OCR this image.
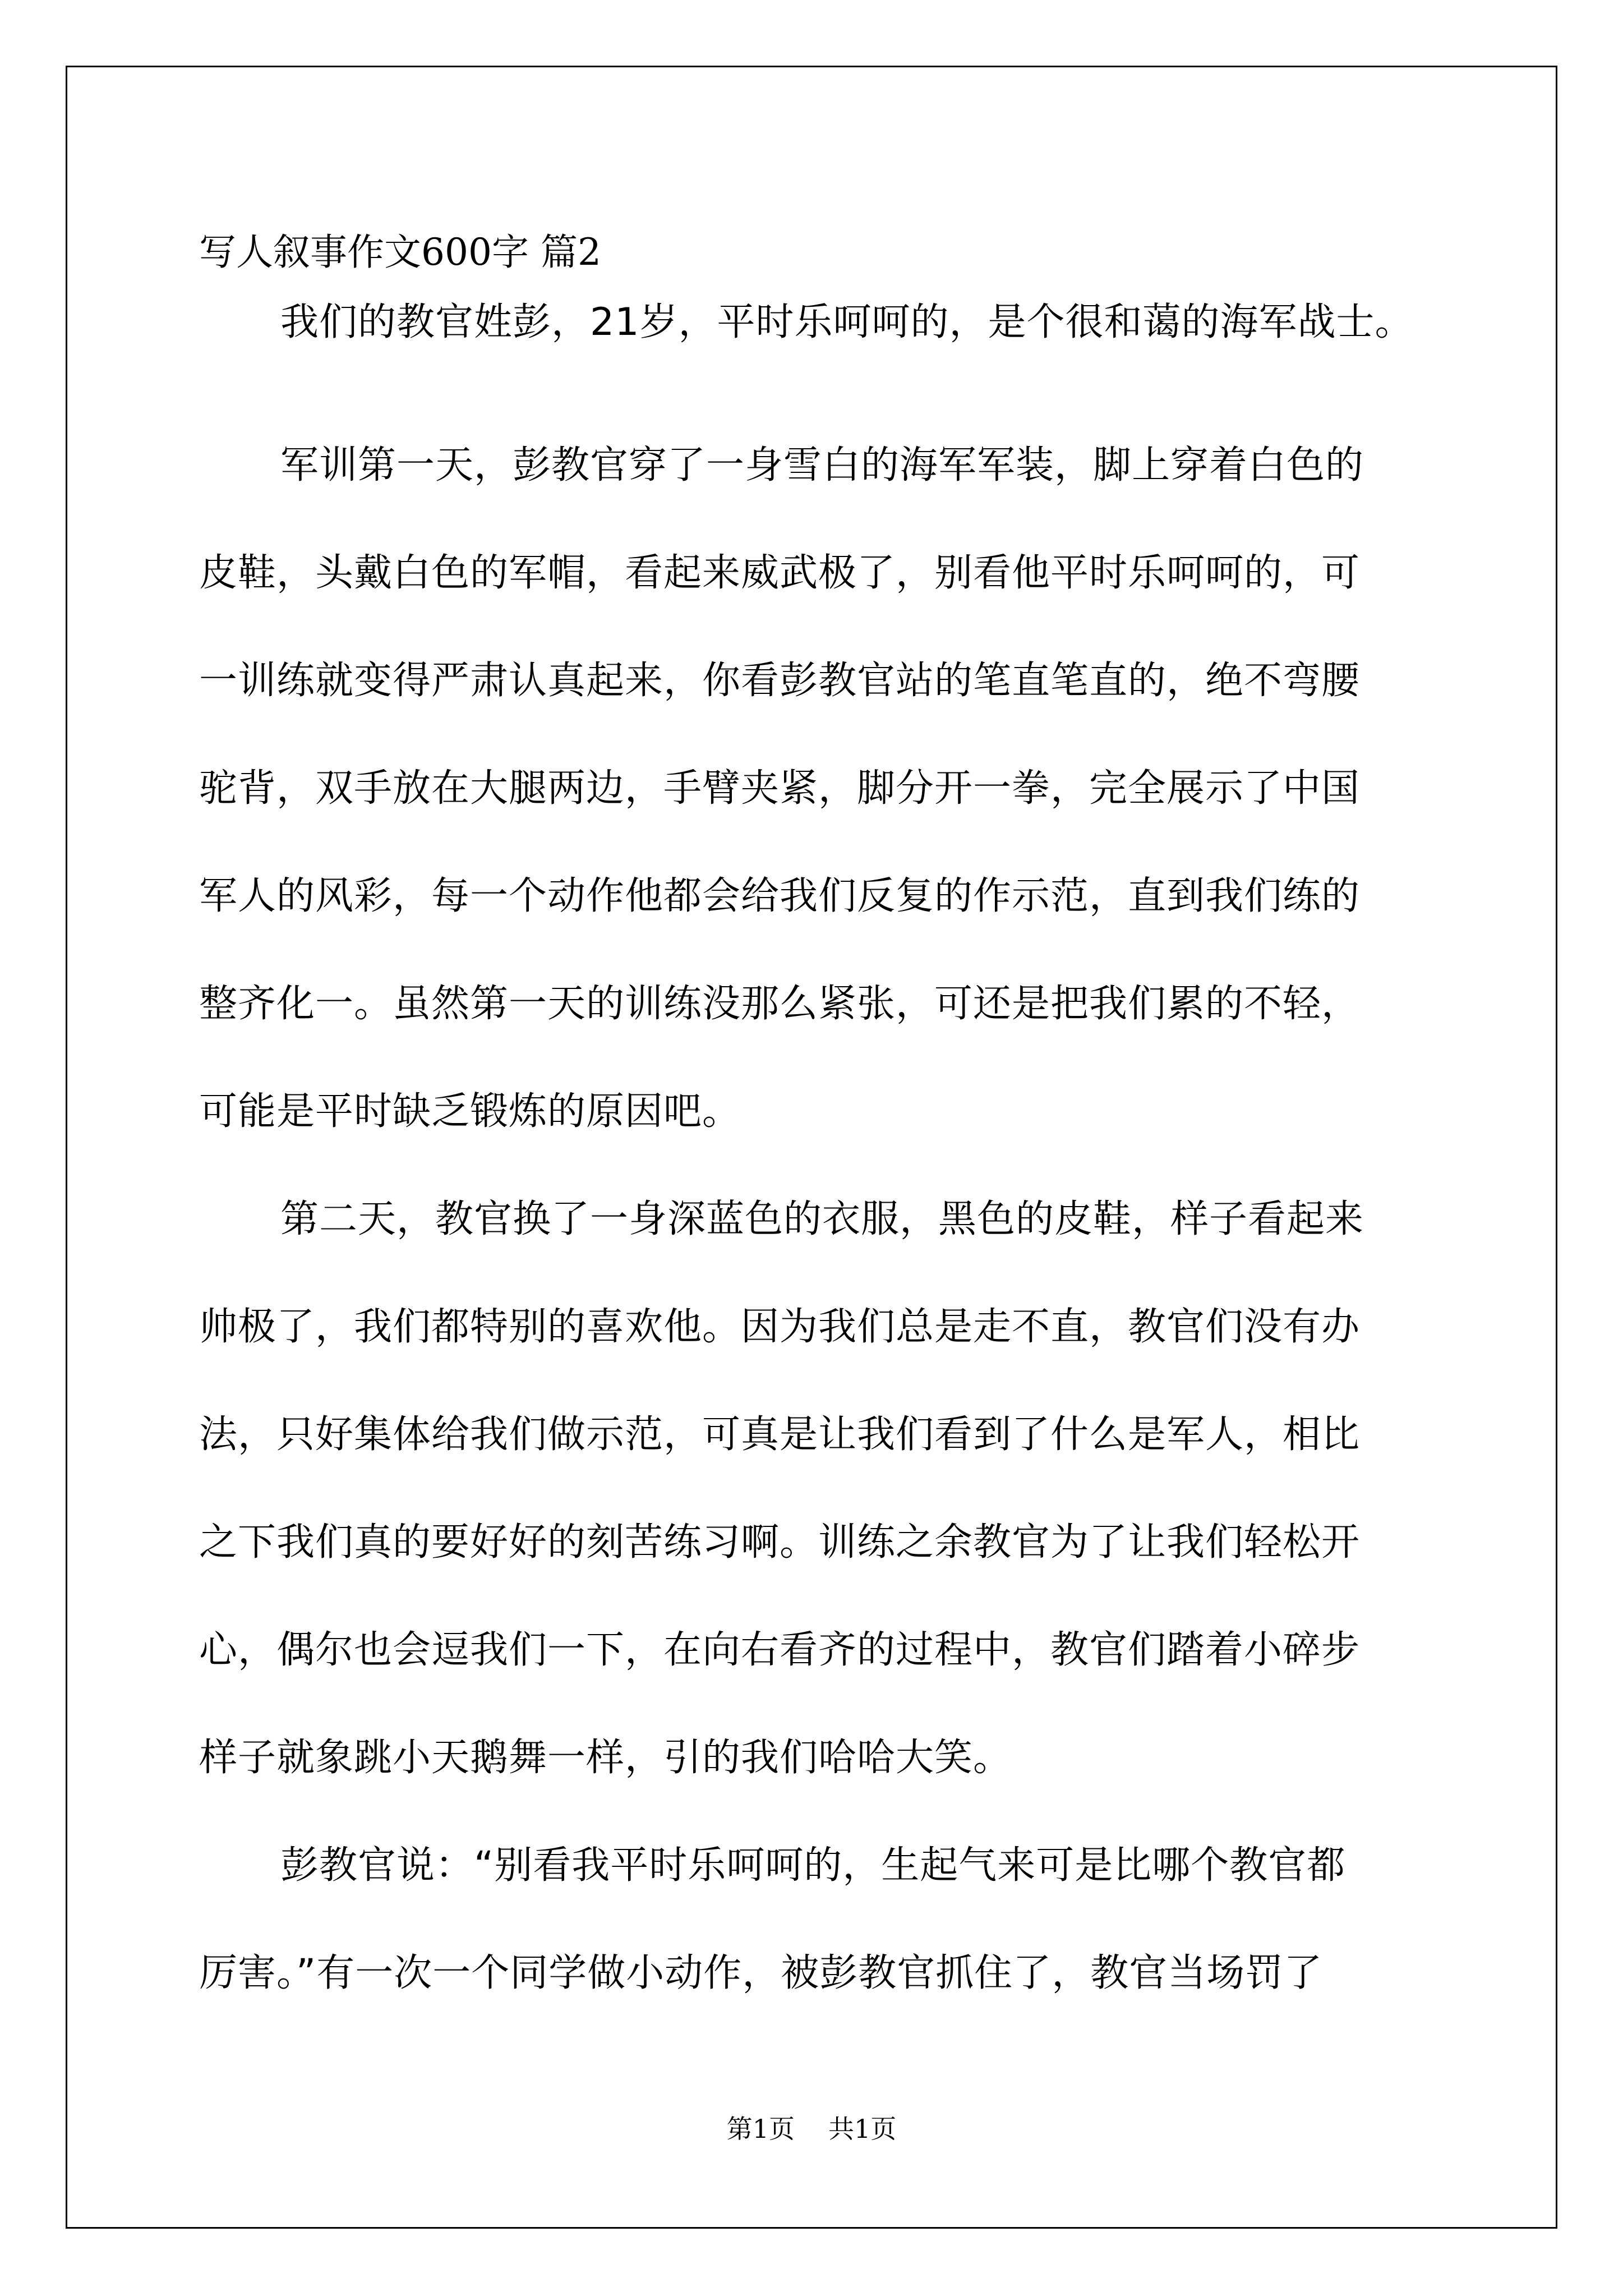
写人叙事作文600字 篇2
我们的教官姓彭，21岁，平时乐呵呵的，是个很和蔼的海军战士。
军训第一天，彭教官穿了一身雪白的海军军装，脚上穿着白色的
皮鞋，头戴白色的军帽，看起来威武极了，别看他平时乐呵呵的，可
一训练就变得严肃认真起来，你看彭教官站的笔直笔直的，绝不弯腰
驼背，双手放在大腿两边，手臂夹紧，脚分开一拳，完全展示了中国
军人的风彩，每一个动作他都会给我们反复的作示范，直到我们练的
整齐化一。虽然第一天的训练没那么紧张，可还是把我们累的不轻，
可能是平时缺乏锻炼的原因吧。
第二天，教官换了一身深蓝色的衣服，黑色的皮鞋，样子看起来
帅极了，我们都特别的喜欢他。因为我们总是走不直，教官们没有办
法，只好集体给我们做示范，可真是让我们看到了什么是军人，相比
之下我们真的要好好的刻苦练习啊。训练之余教官为了让我们轻松开
心，偶尔也会逗我们一下，在向右看齐的过程中，教官们踏着小碎步
样子就象跳小天鹅舞一样，引的我们哈哈大笑。
彭教官说：“别看我平时乐呵呵的，生起气来可是比哪个教官都
厉害。”有一次一个同学做小动作，被彭教官抓住了，教官当场罚了
第1页 共1页
